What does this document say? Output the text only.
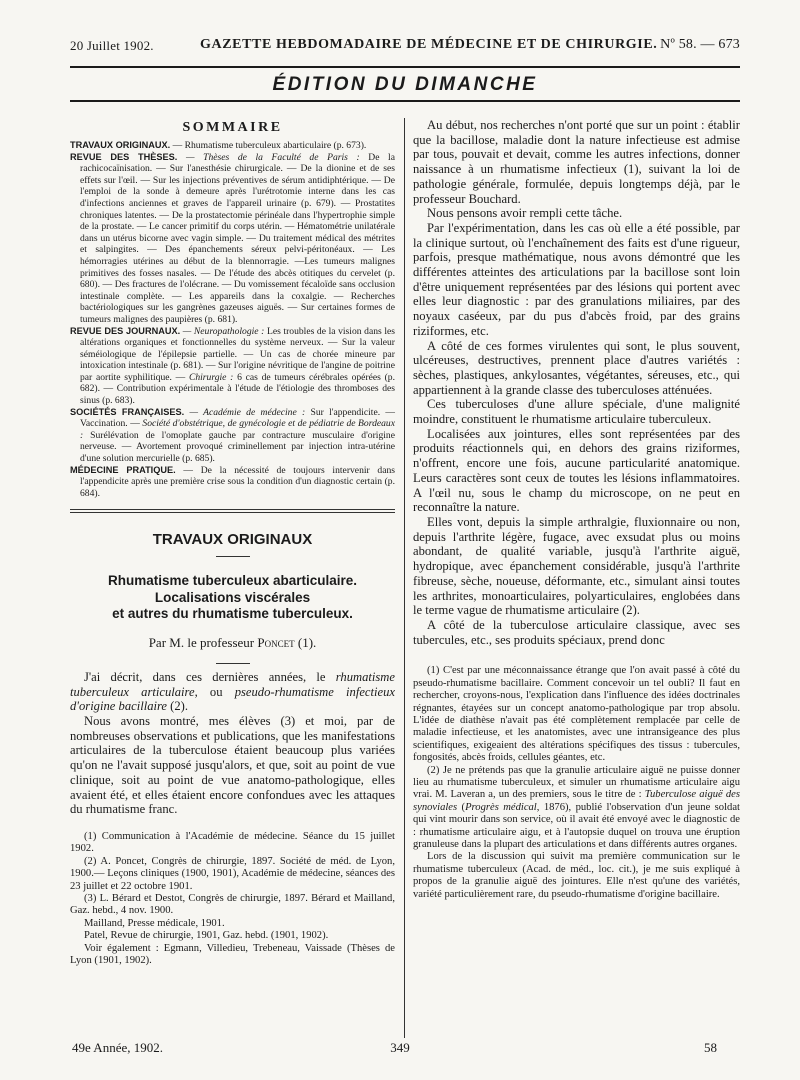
20 Juillet 1902.	GAZETTE HEBDOMADAIRE DE MÉDECINE ET DE CHIRURGIE. Nº 58. — 673
ÉDITION DU DIMANCHE
SOMMAIRE

TRAVAUX ORIGINAUX. — Rhumatisme tuberculeux abarticulaire (p. 673).

REVUE DES THÈSES. — Thèses de la Faculté de Paris : De la rachicocaïnisation. — Sur l'anesthésie chirurgicale. — De la dionine et de ses effets sur l'œil. — Sur les injections préventives de sérum antidiphtérique. — De l'emploi de la sonde à demeure après l'urétrotomie interne dans les cas d'infections anciennes et graves de l'appareil urinaire (p. 679). — Prostatites chroniques latentes. — De la prostatectomie périnéale dans l'hypertrophie simple de la prostate. — Le cancer primitif du corps utérin. — Hématométrie unilatérale dans un utérus bicorne avec vagin simple. — Du traitement médical des métrites et salpingites. — Des épanchements séreux pelvi-péritonéaux. — Les hémorragies utérines au début de la blennorragie. —Les tumeurs malignes primitives des fosses nasales. — De l'étude des abcès otitiques du cervelet (p. 680). — Des fractures de l'olécrane. — Du vomissement fécaloïde sans occlusion intestinale complète. — Les appareils dans la coxalgie. — Recherches bactériologiques sur les gangrènes gazeuses aiguës. — Sur certaines formes de tumeurs malignes des paupières (p. 681).

REVUE DES JOURNAUX. — Neuropathologie : Les troubles de la vision dans les altérations organiques et fonctionnelles du système nerveux. — Sur la valeur séméiologique de l'épilepsie partielle. — Un cas de chorée mineure par intoxication intestinale (p. 681). — Sur l'origine névritique de l'angine de poitrine par aortite syphilitique. — Chirurgie : 6 cas de tumeurs cérébrales opérées (p. 682). — Contribution expérimentale à l'étude de l'étiologie des thromboses des sinus (p. 683).

SOCIÉTÉS FRANÇAISES. — Académie de médecine : Sur l'appendicite. — Vaccination. — Société d'obstétrique, de gynécologie et de pédiatrie de Bordeaux : Surélévation de l'omoplate gauche par contracture musculaire d'origine nerveuse. — Avortement provoqué criminellement par injection intra-utérine d'une solution mercurielle (p. 685).

MÉDECINE PRATIQUE. — De la nécessité de toujours intervenir dans l'appendicite après une première crise sous la condition d'un diagnostic certain (p. 684).

TRAVAUX ORIGINAUX
Rhumatisme tuberculeux abarticulaire.
Localisations viscérales
et autres du rhumatisme tuberculeux.
Par M. le professeur Poncet (1).

J'ai décrit, dans ces dernières années, le rhumatisme tuberculeux articulaire, ou pseudo-rhumatisme infectieux d'origine bacillaire (2).

Nous avons montré, mes élèves (3) et moi, par de nombreuses observations et publications, que les manifestations articulaires de la tuberculose étaient beaucoup plus variées qu'on ne l'avait supposé jusqu'alors, et que, soit au point de vue clinique, soit au point de vue anatomo-pathologique, elles avaient été, et elles étaient encore confondues avec les attaques du rhumatisme franc.

(1) Communication à l'Académie de médecine. Séance du 15 juillet 1902.

(2) A. Poncet, Congrès de chirurgie, 1897. Société de méd. de Lyon, 1900.— Leçons cliniques (1900, 1901), Académie de médecine, séances des 23 juillet et 22 octobre 1901.

(3) L. Bérard et Destot, Congrès de chirurgie, 1897. Bérard et Mailland, Gaz. hebd., 4 nov. 1900.

Mailland, Presse médicale, 1901.

Patel, Revue de chirurgie, 1901, Gaz. hebd. (1901, 1902).

Voir également : Egmann, Villedieu, Trebeneau, Vaissade (Thèses de Lyon (1901, 1902).

Au début, nos recherches n'ont porté que sur un point : établir que la bacillose, maladie dont la nature infectieuse est admise par tous, pouvait et devait, comme les autres infections, donner naissance à un rhumatisme infectieux (1), suivant la loi de pathologie générale, formulée, depuis longtemps déjà, par le professeur Bouchard.

Nous pensons avoir rempli cette tâche.

Par l'expérimentation, dans les cas où elle a été possible, par la clinique surtout, où l'enchaînement des faits est d'une rigueur, parfois, presque mathématique, nous avons démontré que les différentes atteintes des articulations par la bacillose sont loin d'être uniquement représentées par des lésions qui portent avec elles leur diagnostic : par des granulations miliaires, par des noyaux caséeux, par du pus d'abcès froid, par des grains riziformes, etc.

A côté de ces formes virulentes qui sont, le plus souvent, ulcéreuses, destructives, prennent place d'autres variétés : sèches, plastiques, ankylosantes, végétantes, séreuses, etc., qui appartiennent à la grande classe des tuberculoses atténuées.

Ces tuberculoses d'une allure spéciale, d'une malignité moindre, constituent le rhumatisme articulaire tuberculeux.

Localisées aux jointures, elles sont représentées par des produits réactionnels qui, en dehors des grains riziformes, n'offrent, encore une fois, aucune particularité anatomique. Leurs caractères sont ceux de toutes les lésions inflammatoires. A l'œil nu, sous le champ du microscope, on ne peut en reconnaître la nature.

Elles vont, depuis la simple arthralgie, fluxionnaire ou non, depuis l'arthrite légère, fugace, avec exsudat plus ou moins abondant, de qualité variable, jusqu'à l'arthrite aiguë, hydropique, avec épanchement considérable, jusqu'à l'arthrite fibreuse, sèche, noueuse, déformante, etc., simulant ainsi toutes les arthrites, monoarticulaires, polyarticulaires, englobées dans le terme vague de rhumatisme articulaire (2).

A côté de la tuberculose articulaire classique, avec ses tubercules, etc., ses produits spéciaux, prend donc

(1) C'est par une méconnaissance étrange que l'on avait passé à côté du pseudo-rhumatisme bacillaire. Comment concevoir un tel oubli? Il faut en rechercher, croyons-nous, l'explication dans l'influence des idées doctrinales régnantes, étayées sur un concept anatomo-pathologique par trop absolu. L'idée de diathèse n'avait pas été complètement remplacée par celle de maladie infectieuse, et les anatomistes, avec une intransigeance des plus scientifiques, exigeaient des altérations spécifiques des tissus : tubercules, fongosités, abcès froids, cellules géantes, etc.

(2) Je ne prétends pas que la granulie articulaire aiguë ne puisse donner lieu au rhumatisme tuberculeux, et simuler un rhumatisme articulaire aigu vrai. M. Laveran a, un des premiers, sous le titre de : Tuberculose aiguë des synoviales (Progrès médical, 1876), publié l'observation d'un jeune soldat qui vint mourir dans son service, où il avait été envoyé avec le diagnostic de : rhumatisme articulaire aigu, et à l'autopsie duquel on trouva une éruption granuleuse dans la plupart des articulations et dans différents autres organes.

Lors de la discussion qui suivit ma première communication sur le rhumatisme tuberculeux (Acad. de méd., loc. cit.), je me suis expliqué à propos de la granulie aiguë des jointures. Elle n'est qu'une des variétés, variété particulièrement rare, du pseudo-rhumatisme d'origine bacillaire.

49e Année, 1902.	349	58
